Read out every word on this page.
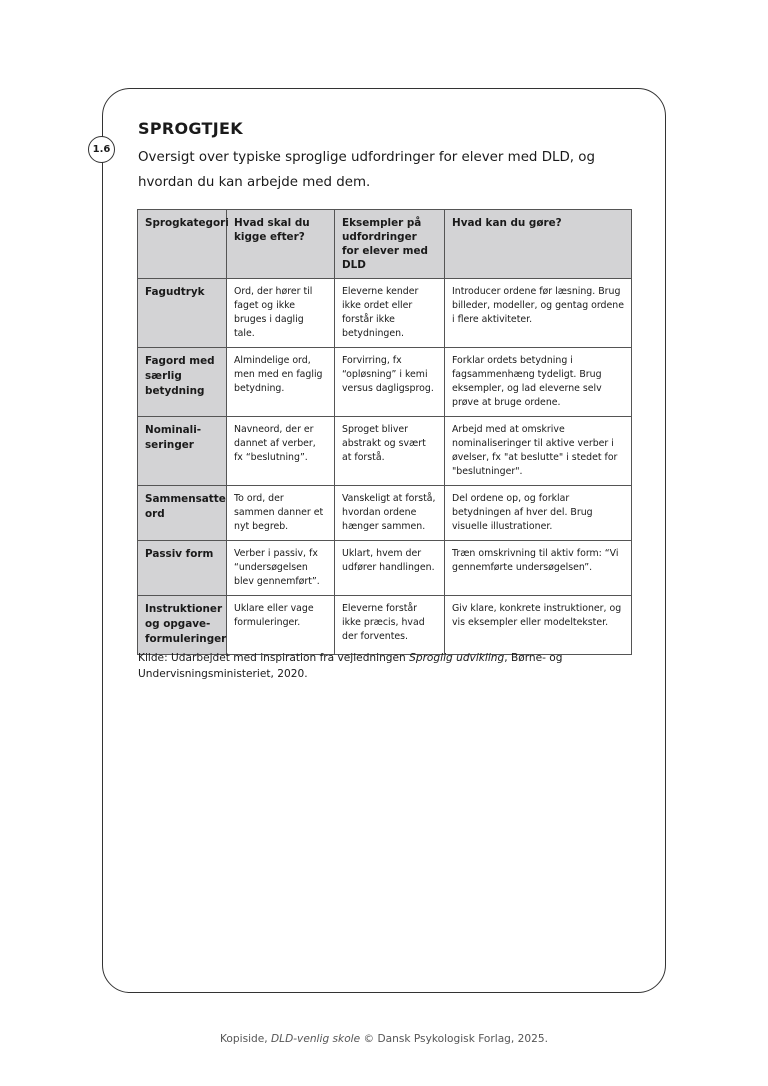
1.6
SPROGTJEK
Oversigt over typiske sproglige udfordringer for elever med DLD, og hvordan du kan arbejde med dem.
Sprogkategori	Hvad skal du kigge efter?	Eksempler på udfordringer for elever med DLD	Hvad kan du gøre?
Fagudtryk	Ord, der hører til faget og ikke bruges i daglig tale.	Eleverne kender ikke ordet eller forstår ikke betydningen.	Introducer ordene før læsning. Brug billeder, modeller, og gentag ordene i flere aktiviteter.
Fagord med særlig betydning	Almindelige ord, men med en faglig betydning.	Forvirring, fx “opløsning” i kemi versus dagligsprog.	Forklar ordets betydning i fagsammenhæng tydeligt. Brug eksempler, og lad eleverne selv prøve at bruge ordene.
Nominali-seringer	Navneord, der er dannet af verber, fx “beslutning”.	Sproget bliver abstrakt og svært at forstå.	Arbejd med at omskrive nominaliseringer til aktive verber i øvelser, fx "at beslutte" i stedet for "beslutninger".
Sammensatte ord	To ord, der sammen danner et nyt begreb.	Vanskeligt at forstå, hvordan ordene hænger sammen.	Del ordene op, og forklar betydningen af hver del. Brug visuelle illustrationer.
Passiv form	Verber i passiv, fx “undersøgelsen blev gennemført”.	Uklart, hvem der udfører handlingen.	Træn omskrivning til aktiv form: “Vi gennemførte undersøgelsen”.
Instruktioner og opgave-formuleringer	Uklare eller vage formuleringer.	Eleverne forstår ikke præcis, hvad der forventes.	Giv klare, konkrete instruktioner, og vis eksempler eller modeltekster.
Kilde: Udarbejdet med inspiration fra vejledningen Sproglig udvikling, Børne- og Undervisningsministeriet, 2020.
Kopiside, DLD-venlig skole © Dansk Psykologisk Forlag, 2025.
